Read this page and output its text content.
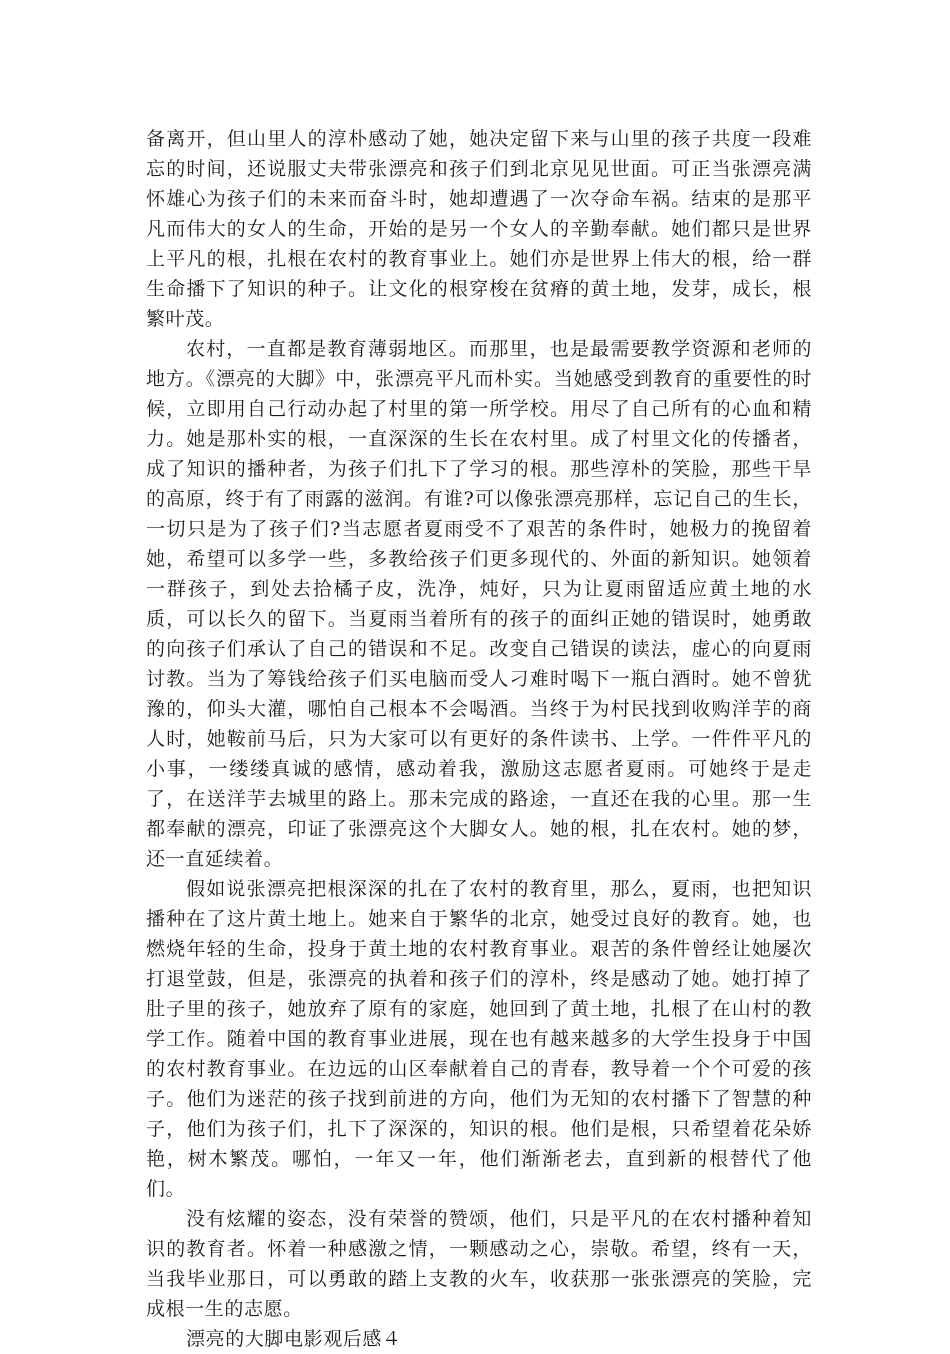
备离开，但山里人的淳朴感动了她，她决定留下来与山里的孩子共度一段难忘的时间，还说服丈夫带张漂亮和孩子们到北京见见世面。可正当张漂亮满怀雄心为孩子们的未来而奋斗时，她却遭遇了一次夺命车祸。结束的是那平凡而伟大的女人的生命，开始的是另一个女人的辛勤奉献。她们都只是世界上平凡的根，扎根在农村的教育事业上。她们亦是世界上伟大的根，给一群生命播下了知识的种子。让文化的根穿梭在贫瘠的黄土地，发芽，成长，根繁叶茂。

农村，一直都是教育薄弱地区。而那里，也是最需要教学资源和老师的地方。《漂亮的大脚》中，张漂亮平凡而朴实。当她感受到教育的重要性的时候，立即用自己行动办起了村里的第一所学校。用尽了自己所有的心血和精力。她是那朴实的根，一直深深的生长在农村里。成了村里文化的传播者，成了知识的播种者，为孩子们扎下了学习的根。那些淳朴的笑脸，那些干旱的高原，终于有了雨露的滋润。有谁?可以像张漂亮那样，忘记自己的生长，一切只是为了孩子们?当志愿者夏雨受不了艰苦的条件时，她极力的挽留着她，希望可以多学一些，多教给孩子们更多现代的、外面的新知识。她领着一群孩子，到处去拾橘子皮，洗净，炖好，只为让夏雨留适应黄土地的水质，可以长久的留下。当夏雨当着所有的孩子的面纠正她的错误时，她勇敢的向孩子们承认了自己的错误和不足。改变自己错误的读法，虚心的向夏雨讨教。当为了筹钱给孩子们买电脑而受人刁难时喝下一瓶白酒时。她不曾犹豫的，仰头大灌，哪怕自己根本不会喝酒。当终于为村民找到收购洋芋的商人时，她鞍前马后，只为大家可以有更好的条件读书、上学。一件件平凡的小事，一缕缕真诚的感情，感动着我，激励这志愿者夏雨。可她终于是走了，在送洋芋去城里的路上。那未完成的路途，一直还在我的心里。那一生都奉献的漂亮，印证了张漂亮这个大脚女人。她的根，扎在农村。她的梦，还一直延续着。

假如说张漂亮把根深深的扎在了农村的教育里，那么，夏雨，也把知识播种在了这片黄土地上。她来自于繁华的北京，她受过良好的教育。她，也燃烧年轻的生命，投身于黄土地的农村教育事业。艰苦的条件曾经让她屡次打退堂鼓，但是，张漂亮的执着和孩子们的淳朴，终是感动了她。她打掉了肚子里的孩子，她放弃了原有的家庭，她回到了黄土地，扎根了在山村的教学工作。随着中国的教育事业进展，现在也有越来越多的大学生投身于中国的农村教育事业。在边远的山区奉献着自己的青春，教导着一个个可爱的孩子。他们为迷茫的孩子找到前进的方向，他们为无知的农村播下了智慧的种子，他们为孩子们，扎下了深深的，知识的根。他们是根，只希望着花朵娇艳，树木繁茂。哪怕，一年又一年，他们渐渐老去，直到新的根替代了他们。

没有炫耀的姿态，没有荣誉的赞颂，他们，只是平凡的在农村播种着知识的教育者。怀着一种感激之情，一颗感动之心，崇敬。希望，终有一天，当我毕业那日，可以勇敢的踏上支教的火车，收获那一张张漂亮的笑脸，完成根一生的志愿。

漂亮的大脚电影观后感４
